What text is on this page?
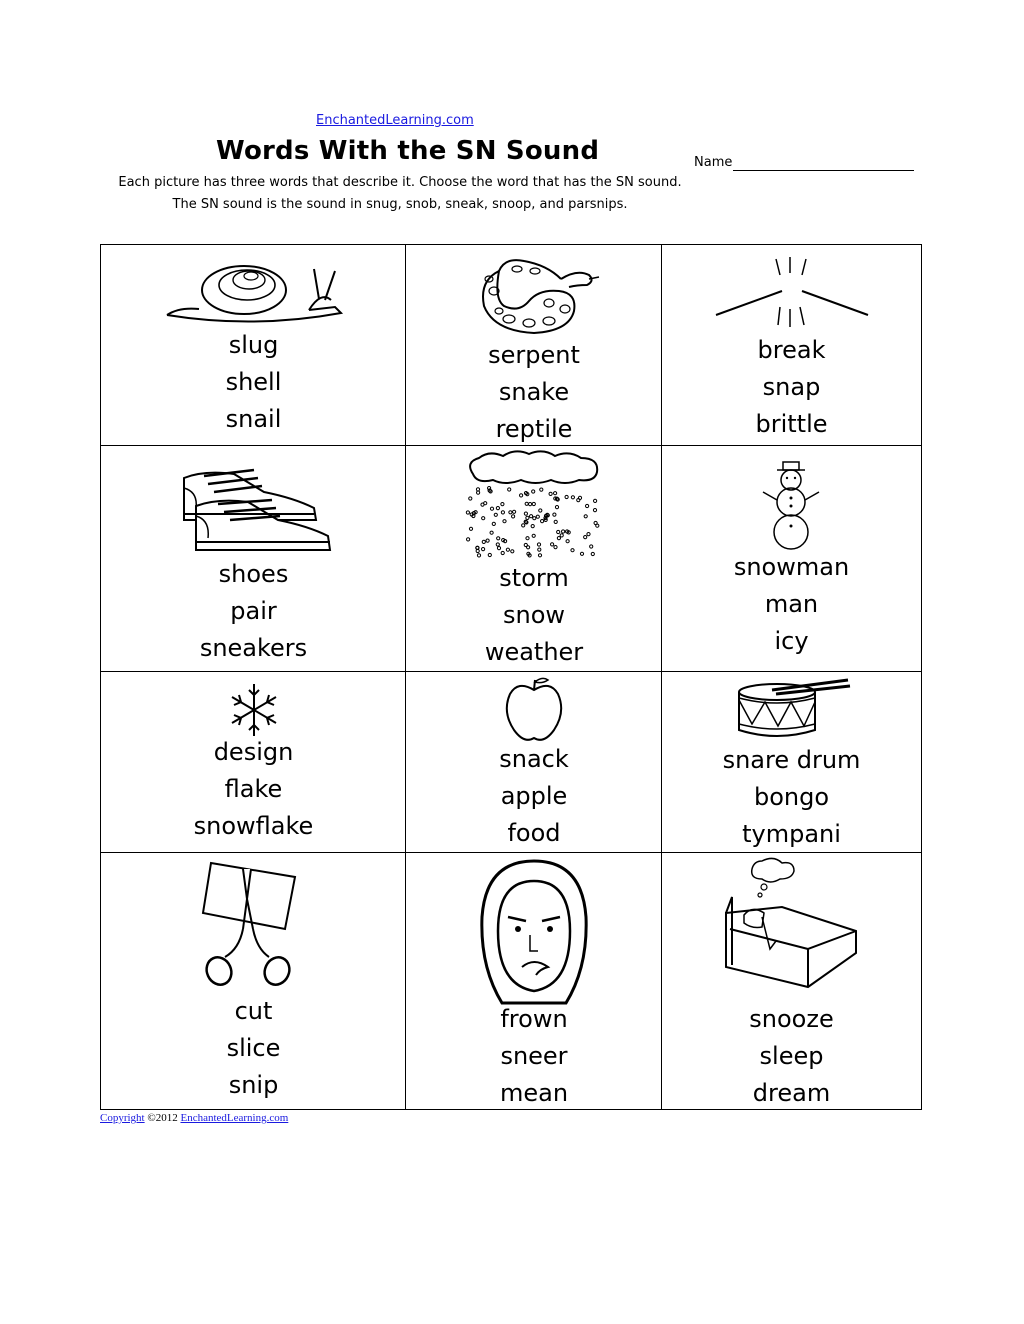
EnchantedLearning.com
Words With the SN Sound	Name
Each picture has three words that describe it. Choose the word that has the SN sound. The SN sound is the sound in snug, snob, sneak, snoop, and parsnips.
slug
shell
snail
serpent
snake
reptile
break
snap
brittle
shoes
pair
sneakers
storm
snow
weather
snowman
man
icy
design
flake
snowflake
snack
apple
food
snare drum
bongo
tympani
cut
slice
snip
frown
sneer
mean
snooze
sleep
dream
Copyright ©2012 EnchantedLearning.com
